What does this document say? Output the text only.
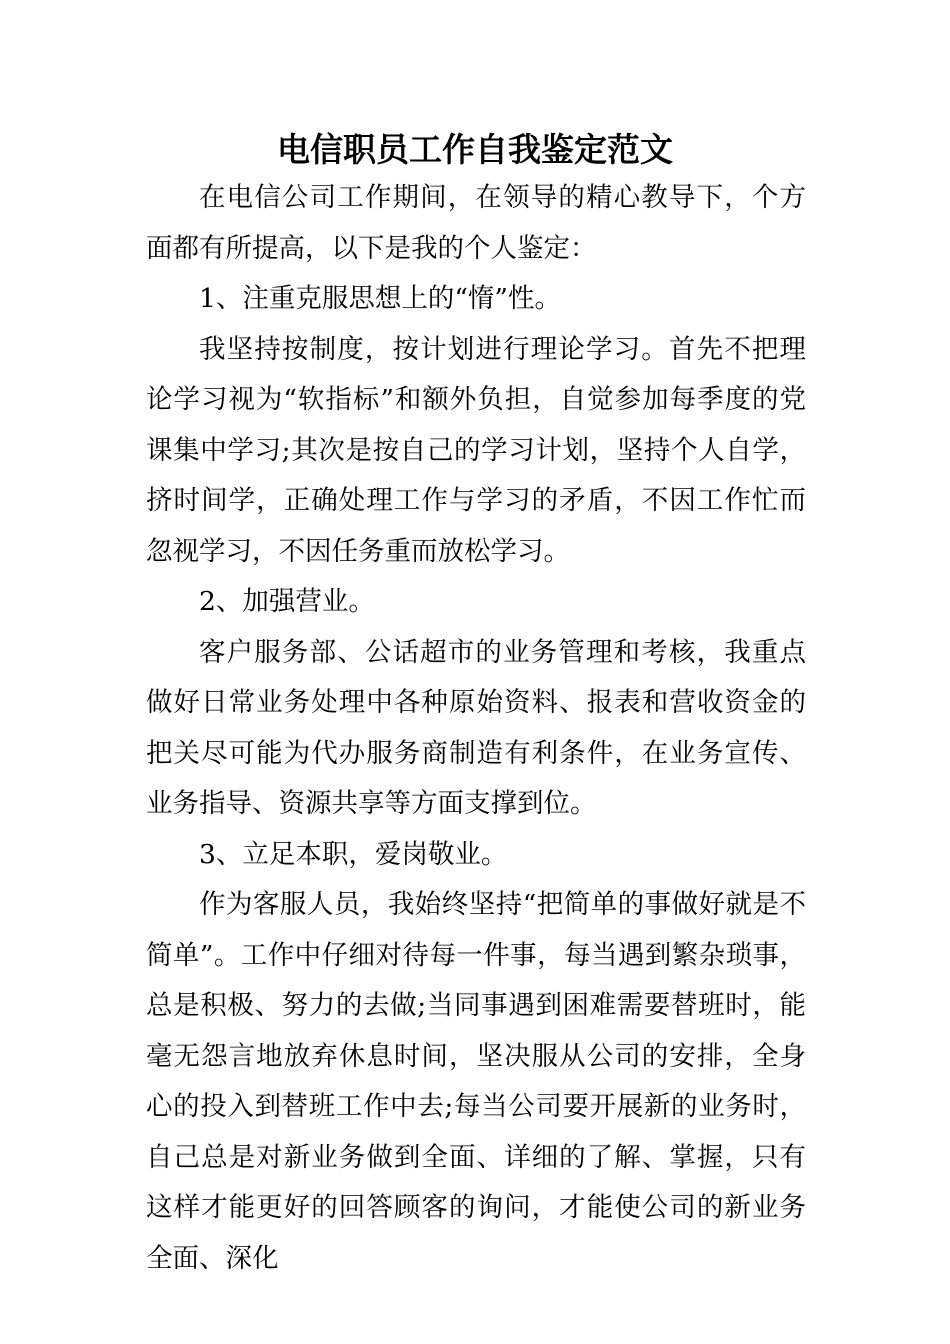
电信职员工作自我鉴定范文

在电信公司工作期间，在领导的精心教导下，个方面都有所提高，以下是我的个人鉴定：

1、注重克服思想上的“惰”性。

我坚持按制度，按计划进行理论学习。首先不把理论学习视为“软指标”和额外负担，自觉参加每季度的党课集中学习;其次是按自己的学习计划，坚持个人自学，挤时间学，正确处理工作与学习的矛盾，不因工作忙而忽视学习，不因任务重而放松学习。

2、加强营业。

客户服务部、公话超市的业务管理和考核，我重点做好日常业务处理中各种原始资料、报表和营收资金的把关尽可能为代办服务商制造有利条件，在业务宣传、业务指导、资源共享等方面支撑到位。

3、立足本职，爱岗敬业。

作为客服人员，我始终坚持“把简单的事做好就是不简单”。工作中仔细对待每一件事，每当遇到繁杂琐事，总是积极、努力的去做;当同事遇到困难需要替班时，能毫无怨言地放弃休息时间，坚决服从公司的安排，全身心的投入到替班工作中去;每当公司要开展新的业务时，自己总是对新业务做到全面、详细的了解、掌握，只有这样才能更好的回答顾客的询问，才能使公司的新业务全面、深化
